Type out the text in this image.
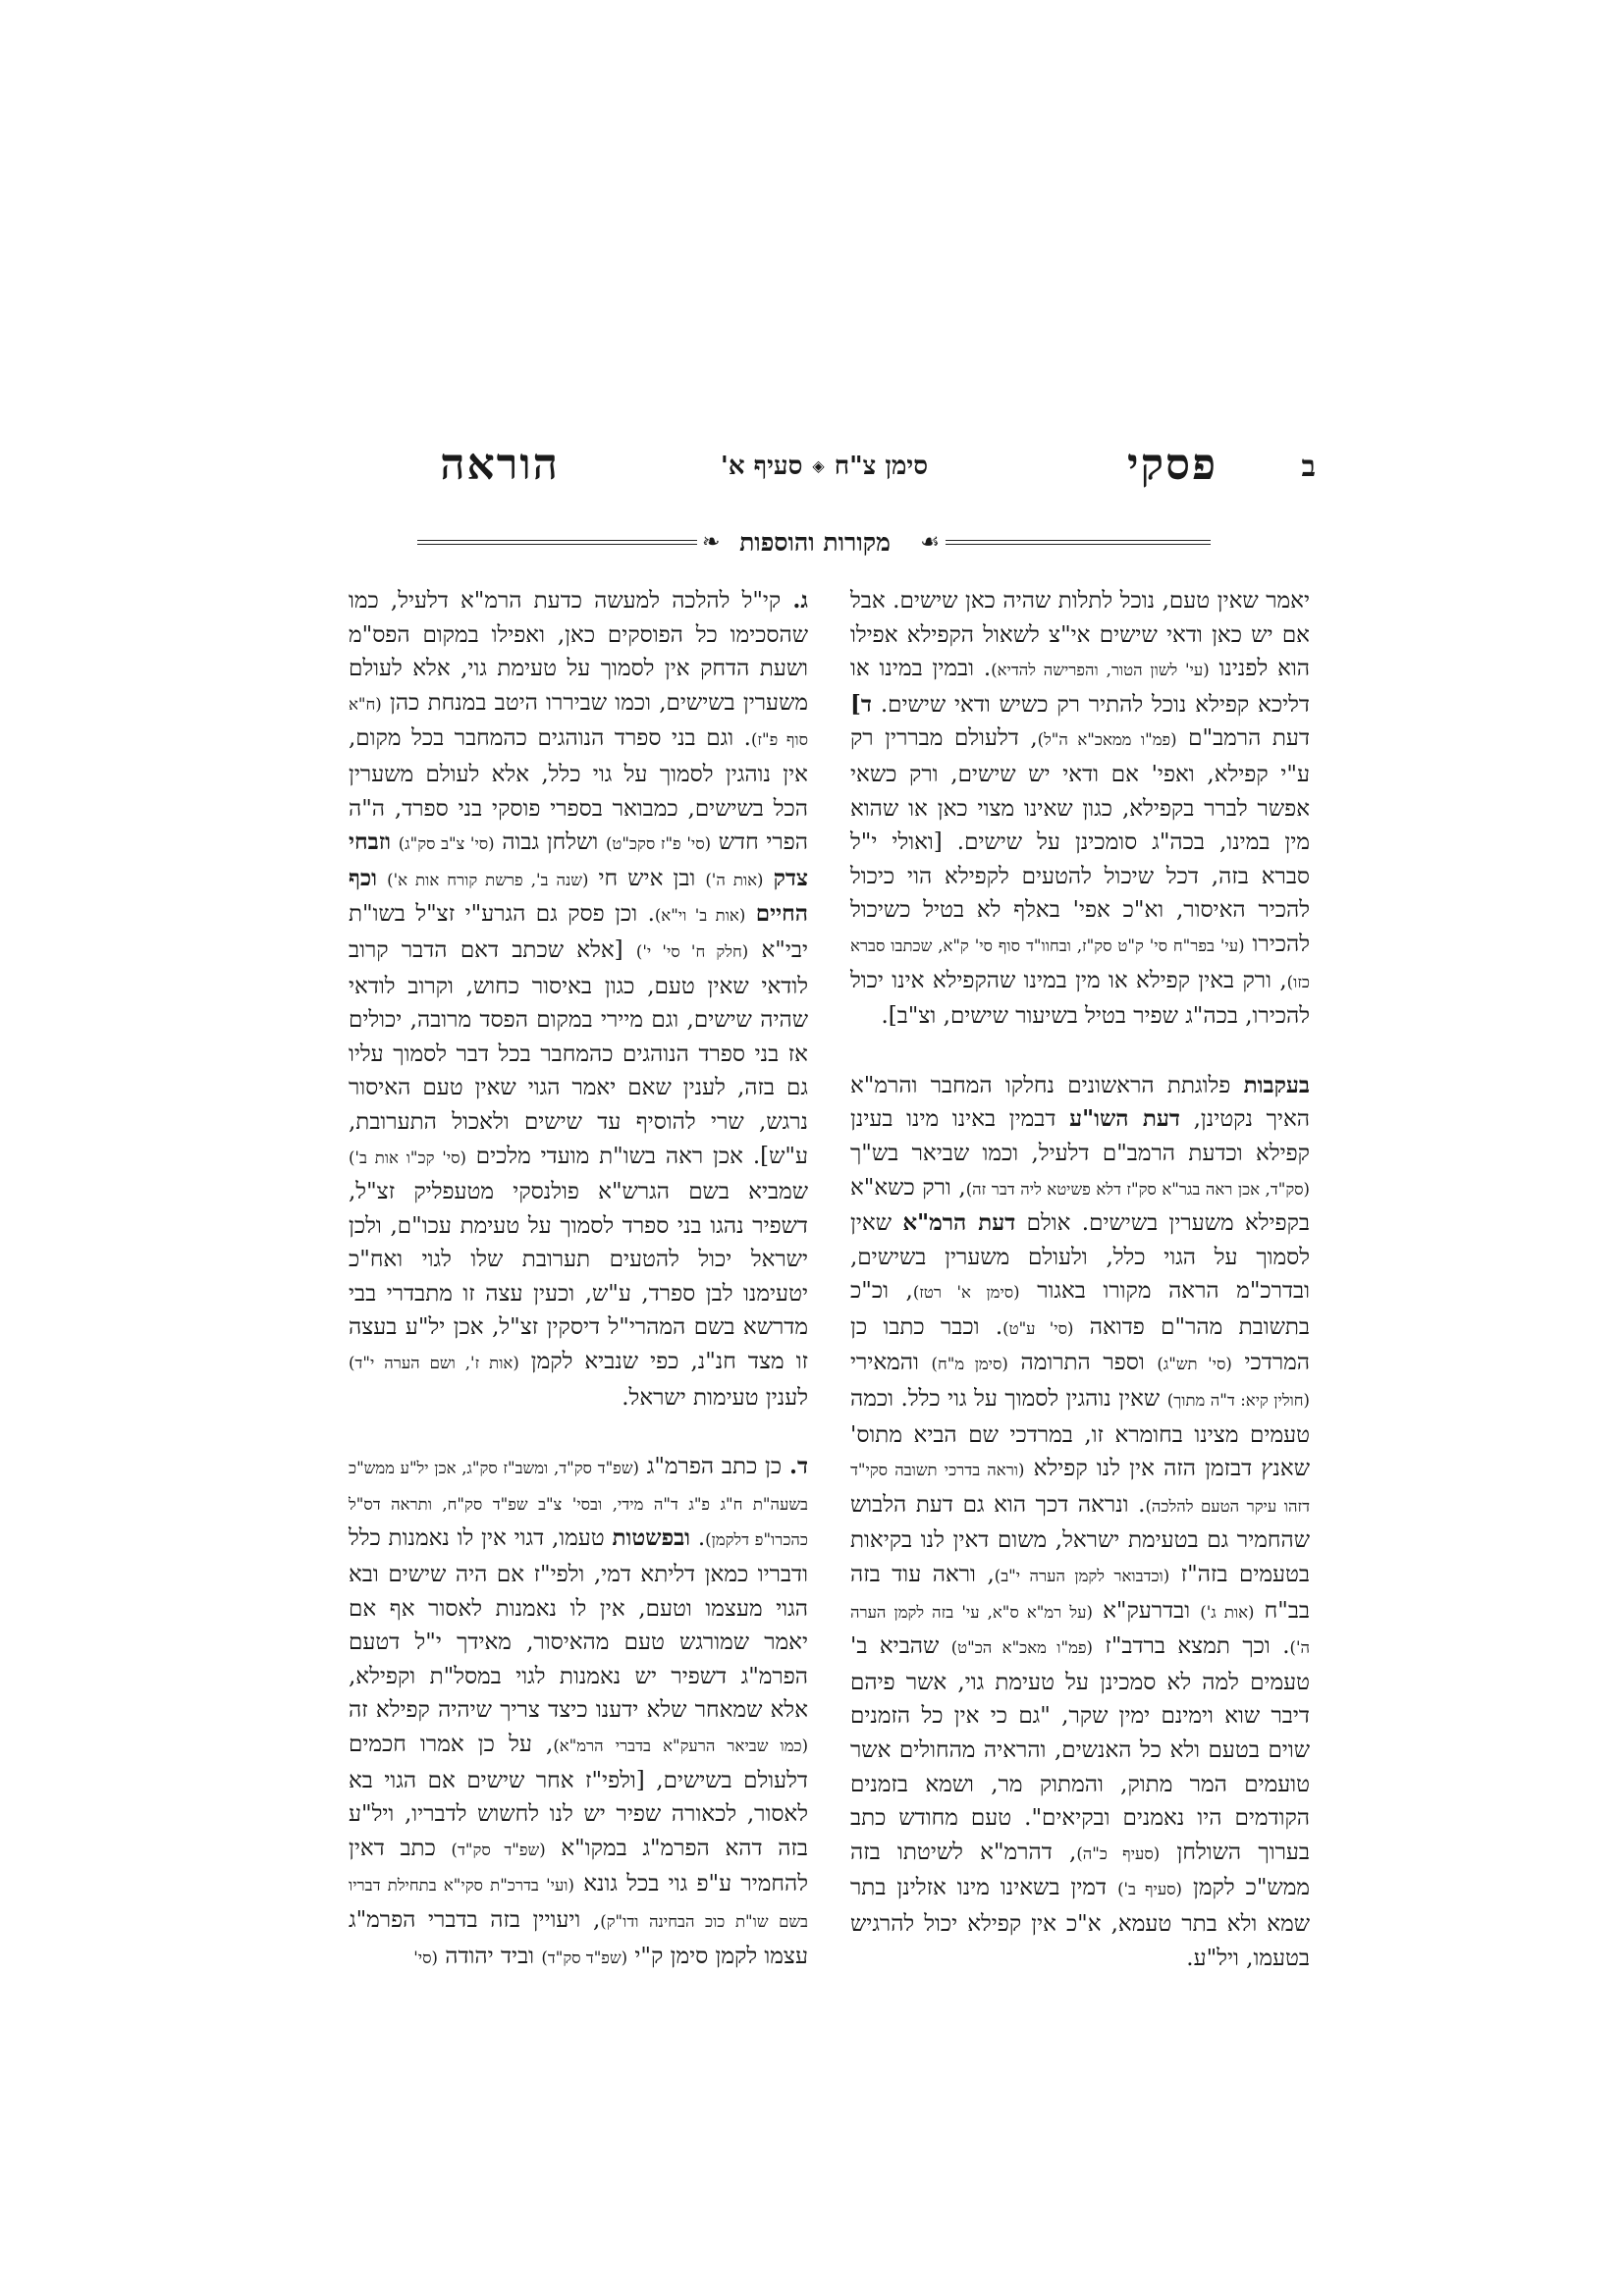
ב
פסקי
סימן צ"ח◈סעיף א'
הוראה
☙
מקורות והוספות
❧

יאמר שאין טעם, נוכל לתלות שהיה כאן שישים. אבל אם יש כאן ודאי שישים אי"צ לשאול הקפילא אפילו הוא לפנינו (עי' לשון הטור, והפרישה להדיא). ובמין במינו או דליכא קפילא נוכל להתיר רק כשיש ודאי שישים. ד] דעת הרמב"ם (פמ"ו ממאכ"א ה"ל), דלעולם מבררין רק ע"י קפילא, ואפי' אם ודאי יש שישים, ורק כשאי אפשר לברר בקפילא, כגון שאינו מצוי כאן או שהוא מין במינו, בכה"ג סומכינן על שישים. [ואולי י"ל סברא בזה, דכל שיכול להטעים לקפילא הוי כיכול להכיר האיסור, וא"כ אפי' באלף לא בטיל כשיכול להכירו (עי' בפר"ח סי' ק"ט סק"ז, ובחוו"ד סוף סי' ק"א, שכתבו סברא כזו), ורק באין קפילא או מין במינו שהקפילא אינו יכול להכירו, בכה"ג שפיר בטיל בשיעור שישים, וצ"ב].

בעקבות פלוגתת הראשונים נחלקו המחבר והרמ"א האיך נקטינן, דעת השו"ע דבמין באינו מינו בעינן קפילא וכדעת הרמב"ם דלעיל, וכמו שביאר בש"ך (סק"ד, אכן ראה בגר"א סק"ז דלא פשיטא ליה דבר זה), ורק כשא"א בקפילא משערין בשישים. אולם דעת הרמ"א שאין לסמוך על הגוי כלל, ולעולם משערין בשישים, ובדרכ"מ הראה מקורו באגור (סימן א' רטז), וכ"כ בתשובת מהר"ם פדואה (סי' ע"ט). וכבר כתבו כן המרדכי (סי' תש"ג) וספר התרומה (סימן מ"ח) והמאירי (חולין קיא: ד"ה מתוך) שאין נוהגין לסמוך על גוי כלל. וכמה טעמים מצינו בחומרא זו, במרדכי שם הביא מתוס' שאנץ דבזמן הזה אין לנו קפילא (וראה בדרכי תשובה סקי"ד דזהו עיקר הטעם להלכה). ונראה דכך הוא גם דעת הלבוש שהחמיר גם בטעימת ישראל, משום דאין לנו בקיאות בטעמים בזה"ז (וכדבואר לקמן הערה י"ב), וראה עוד בזה בב"ח (אות ג') ובדרעק"א (על רמ"א ס"א, עי' בזה לקמן הערה ה'). וכך תמצא ברדב"ז (פמ"ו מאכ"א הכ"ט) שהביא ב' טעמים למה לא סמכינן על טעימת גוי, אשר פיהם דיבר שוא וימינם ימין שקר, "גם כי אין כל הזמנים שוים בטעם ולא כל האנשים, והראיה מהחולים אשר טועמים המר מתוק, והמתוק מר, ושמא בזמנים הקודמים היו נאמנים ובקיאים". טעם מחודש כתב בערוך השולחן (סעיף כ"ה), דהרמ"א לשיטתו בזה ממש"כ לקמן (סעיף ב') דמין בשאינו מינו אזלינן בתר שמא ולא בתר טעמא, א"כ אין קפילא יכול להרגיש בטעמו, ויל"ע.

ג. קי"ל להלכה למעשה כדעת הרמ"א דלעיל, כמו שהסכימו כל הפוסקים כאן, ואפילו במקום הפס"מ ושעת הדחק אין לסמוך על טעימת גוי, אלא לעולם משערין בשישים, וכמו שביררו היטב במנחת כהן (ח"א סוף פ"ז). וגם בני ספרד הנוהגים כהמחבר בכל מקום, אין נוהגין לסמוך על גוי כלל, אלא לעולם משערין הכל בשישים, כמבואר בספרי פוסקי בני ספרד, ה"ה הפרי חדש (סי' פ"ז סקכ"ט) ושלחן גבוה (סי' צ"ב סק"ג) וזבחי צדק (אות ה') ובן איש חי (שנה ב', פרשת קורח אות א') וכף החיים (אות ב' וי"א). וכן פסק גם הגרע"י זצ"ל בשו"ת יבי"א (חלק ח' סי' י') [אלא שכתב דאם הדבר קרוב לודאי שאין טעם, כגון באיסור כחוש, וקרוב לודאי שהיה שישים, וגם מיירי במקום הפסד מרובה, יכולים אז בני ספרד הנוהגים כהמחבר בכל דבר לסמוך עליו גם בזה, לענין שאם יאמר הגוי שאין טעם האיסור נרגש, שרי להוסיף עד שישים ולאכול התערובת, ע"ש]. אכן ראה בשו"ת מועדי מלכים (סי' קכ"ו אות ב') שמביא בשם הגרש"א פולנסקי מטעפליק זצ"ל, דשפיר נהגו בני ספרד לסמוך על טעימת עכו"ם, ולכן ישראל יכול להטעים תערובת שלו לגוי ואח"כ יטעימנו לבן ספרד, ע"ש, וכעין עצה זו מתבדרי בבי מדרשא בשם המהרי"ל דיסקין זצ"ל, אכן יל"ע בעצה זו מצד חנ"נ, כפי שנביא לקמן (אות ז', ושם הערה י"ד) לענין טעימות ישראל.

ד. כן כתב הפרמ"ג (שפ"ד סק"ד, ומשב"ז סק"ג, אכן יל"ע ממש"כ בשעה"ת ח"ג פ"ג ד"ה מידי, ובסי' צ"ב שפ"ד סק"ח, ותראה דס"ל כהכרו"פ דלקמן). ובפשטות טעמו, דגוי אין לו נאמנות כלל ודבריו כמאן דליתא דמי, ולפי"ז אם היה שישים ובא הגוי מעצמו וטעם, אין לו נאמנות לאסור אף אם יאמר שמורגש טעם מהאיסור, מאידך י"ל דטעם הפרמ"ג דשפיר יש נאמנות לגוי במסל"ת וקפילא, אלא שמאחר שלא ידענו כיצד צריך שיהיה קפילא זה (כמו שביאר הרעק"א בדברי הרמ"א), על כן אמרו חכמים דלעולם בשישים, [ולפי"ז אחר שישים אם הגוי בא לאסור, לכאורה שפיר יש לנו לחשוש לדבריו, ויל"ע בזה דהא הפרמ"ג במקו"א (שפ"ד סק"ד) כתב דאין להחמיר ע"פ גוי בכל גונא (ועי' בדרכ"ת סקי"א בתחילת דבריו בשם שו"ת כוכ הבחינה ודו"ק), ויעויין בזה בדברי הפרמ"ג עצמו לקמן סימן ק"י (שפ"ד סק"ד) וביד יהודה (סי'
